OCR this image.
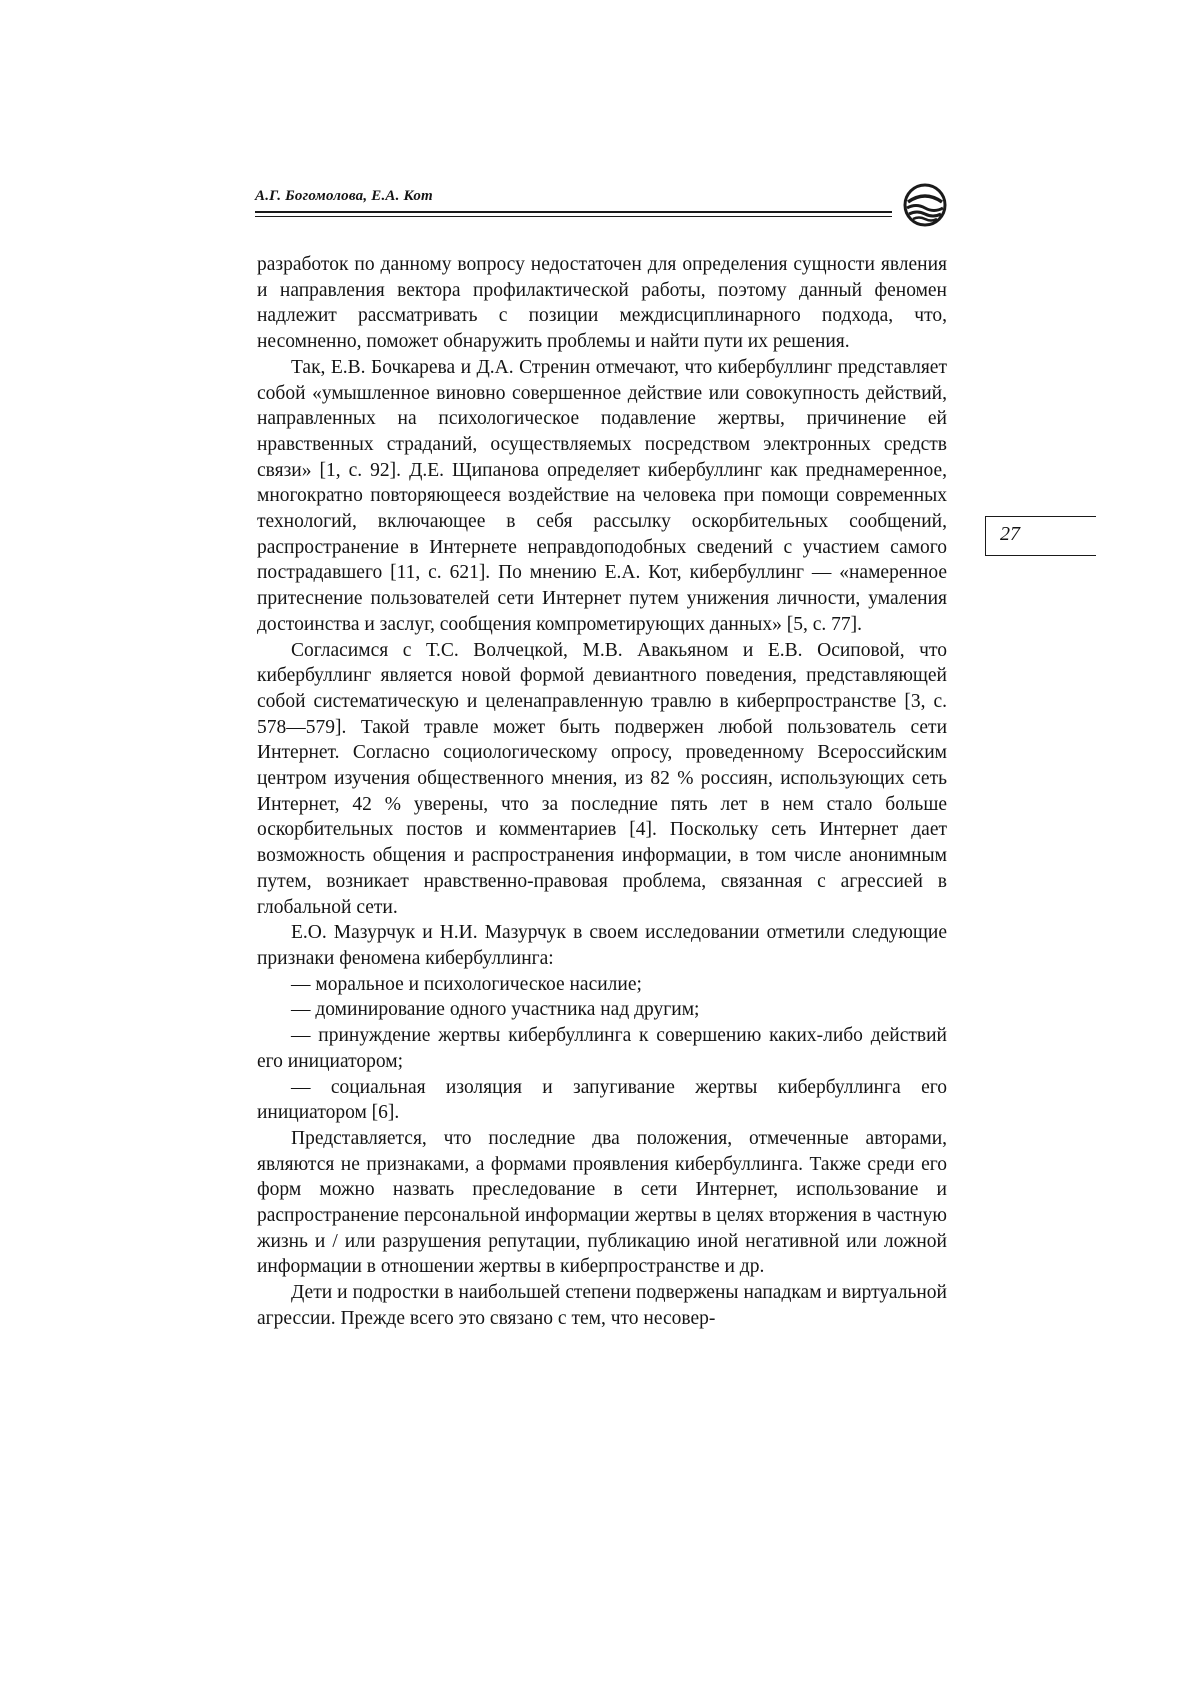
А.Г. Богомолова, Е.А. Кот
27

разработок по данному вопросу недостаточен для определения сущности явления и направления вектора профилактической работы, поэтому данный феномен надлежит рассматривать с позиции междисциплинарного подхода, что, несомненно, поможет обнаружить проблемы и найти пути их решения.

Так, Е.В. Бочкарева и Д.А. Стренин отмечают, что кибербуллинг представляет собой «умышленное виновно совершенное действие или совокупность действий, направленных на психологическое подавление жертвы, причинение ей нравственных страданий, осуществляемых посредством электронных средств связи» [1, с. 92]. Д.Е. Щипанова определяет кибербуллинг как преднамеренное, многократно повторяющееся воздействие на человека при помощи современных технологий, включающее в себя рассылку оскорбительных сообщений, распространение в Интернете неправдоподобных сведений с участием самого пострадавшего [11, с. 621]. По мнению Е.А. Кот, кибербуллинг — «намеренное притеснение пользователей сети Интернет путем унижения личности, умаления достоинства и заслуг, сообщения компрометирующих данных» [5, с. 77].

Согласимся с Т.С. Волчецкой, М.В. Авакьяном и Е.В. Осиповой, что кибербуллинг является новой формой девиантного поведения, представляющей собой систематическую и целенаправленную травлю в киберпространстве [3, с. 578—579]. Такой травле может быть подвержен любой пользователь сети Интернет. Согласно социологическому опросу, проведенному Всероссийским центром изучения общественного мнения, из 82 % россиян, использующих сеть Интернет, 42 % уверены, что за последние пять лет в нем стало больше оскорбительных постов и комментариев [4]. Поскольку сеть Интернет дает возможность общения и распространения информации, в том числе анонимным путем, возникает нравственно-правовая проблема, связанная с агрессией в глобальной сети.

Е.О. Мазурчук и Н.И. Мазурчук в своем исследовании отметили следующие признаки феномена кибербуллинга:

— моральное и психологическое насилие;

— доминирование одного участника над другим;

— принуждение жертвы кибербуллинга к совершению каких-либо действий его инициатором;

— социальная изоляция и запугивание жертвы кибербуллинга его инициатором [6].

Представляется, что последние два положения, отмеченные авторами, являются не признаками, а формами проявления кибербуллинга. Также среди его форм можно назвать преследование в сети Интернет, использование и распространение персональной информации жертвы в целях вторжения в частную жизнь и / или разрушения репутации, публикацию иной негативной или ложной информации в отношении жертвы в киберпространстве и др.

Дети и подростки в наибольшей степени подвержены нападкам и виртуальной агрессии. Прежде всего это связано с тем, что несовер-
